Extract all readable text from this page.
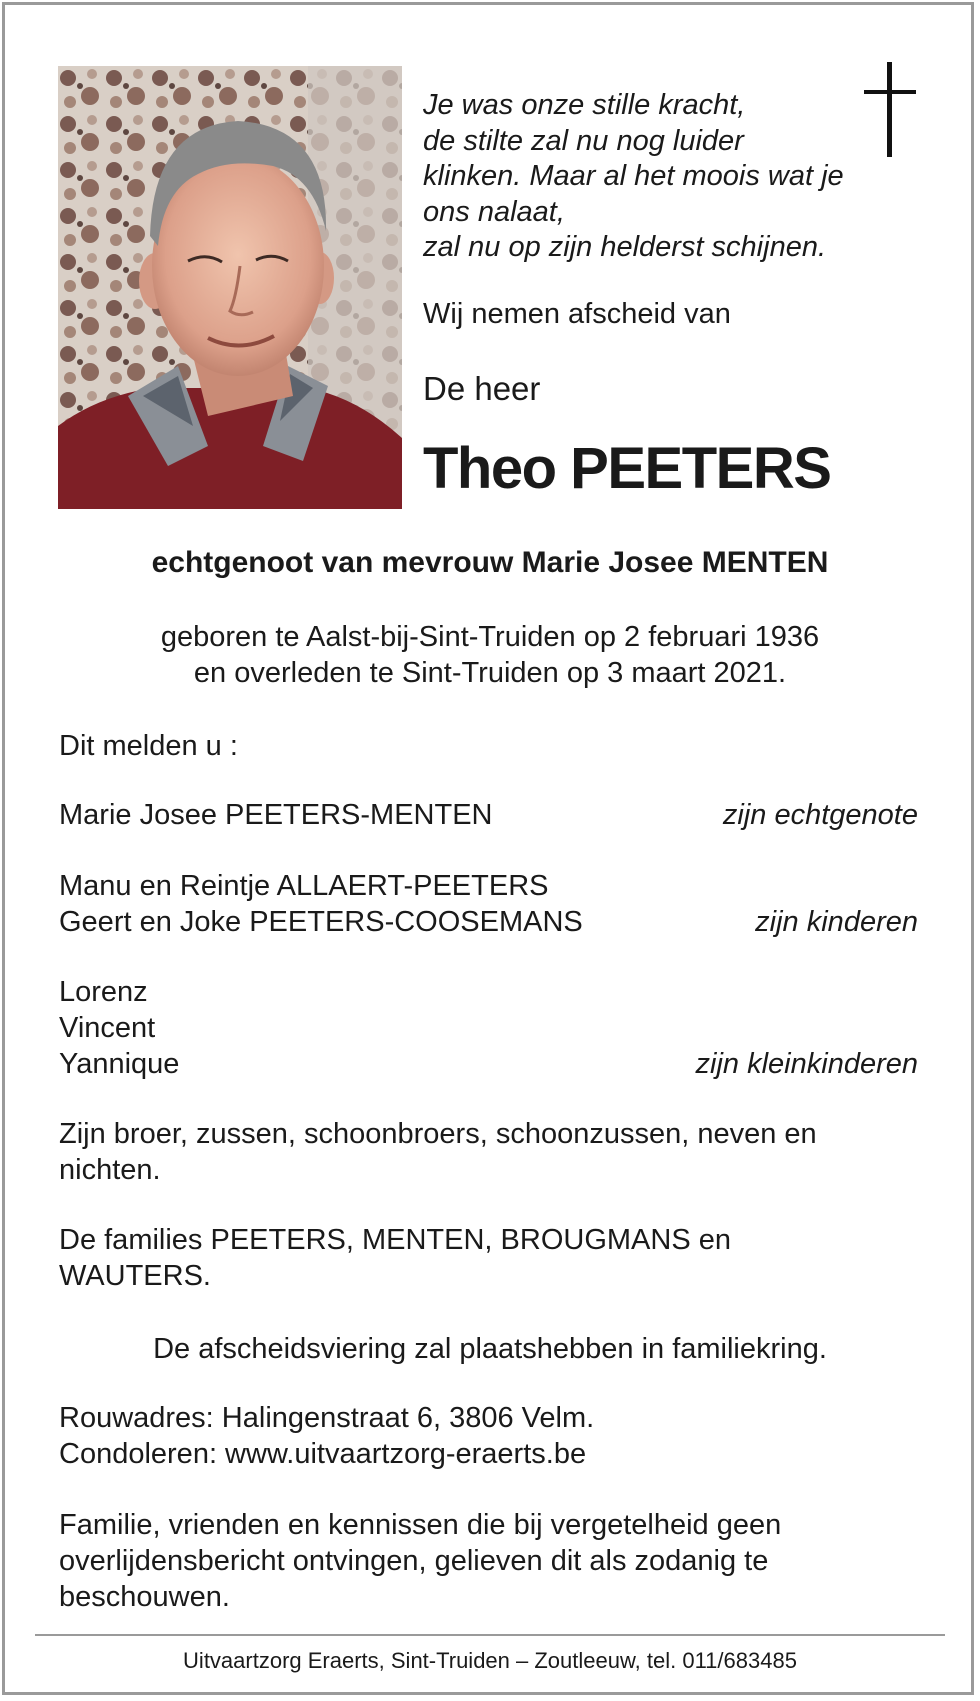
Je was onze stille kracht,
de stilte zal nu nog luider
klinken. Maar al het moois wat je
ons nalaat,
zal nu op zijn helderst schijnen.
Wij nemen afscheid van
De heer
Theo PEETERS
echtgenoot van mevrouw Marie Josee MENTEN
geboren te Aalst-bij-Sint-Truiden op 2 februari 1936
en overleden te Sint-Truiden op 3 maart 2021.
Dit melden u :
Marie Josee PEETERS-MENTEN	zijn echtgenote
Manu en Reintje ALLAERT-PEETERS
Geert en Joke PEETERS-COOSEMANS	zijn kinderen
Lorenz
Vincent
Yannique	zijn kleinkinderen
Zijn broer, zussen, schoonbroers, schoonzussen, neven en
nichten.
De families PEETERS, MENTEN, BROUGMANS en
WAUTERS.
De afscheidsviering zal plaatshebben in familiekring.
Rouwadres: Halingenstraat 6, 3806 Velm.
Condoleren: www.uitvaartzorg-eraerts.be
Familie, vrienden en kennissen die bij vergetelheid geen
overlijdensbericht ontvingen, gelieven dit als zodanig te
beschouwen.
Uitvaartzorg Eraerts, Sint-Truiden – Zoutleeuw, tel. 011/683485
